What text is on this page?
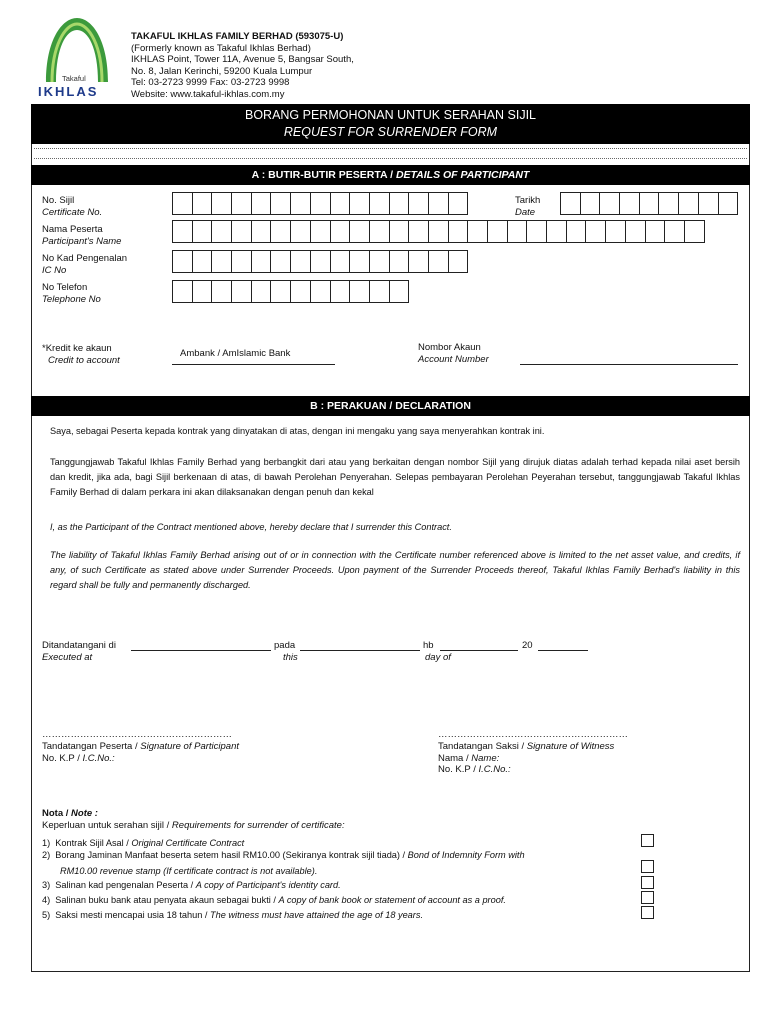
Takaful
IKHLAS
TAKAFUL IKHLAS FAMILY BERHAD (593075-U)
(Formerly known as Takaful Ikhlas Berhad)
IKHLAS Point, Tower 11A, Avenue 5, Bangsar South,
No. 8, Jalan Kerinchi, 59200 Kuala Lumpur
Tel: 03-2723 9999 Fax: 03-2723 9998
Website: www.takaful-ikhlas.com.my
BORANG PERMOHONAN UNTUK SERAHAN SIJIL
REQUEST FOR SURRENDER FORM
A : BUTIR-BUTIR PESERTA / DETAILS OF PARTICIPANT
No. Sijil
Certificate No.
Tarikh
Date
Nama Peserta
Participant's Name
No Kad Pengenalan
IC No
No Telefon
Telephone No
*Kredit ke akaun
Credit to account
Ambank / AmIslamic Bank
Nombor Akaun
Account Number
B : PERAKUAN / DECLARATION
Saya, sebagai Peserta kepada kontrak yang dinyatakan di atas, dengan ini mengaku yang saya menyerahkan kontrak ini.
Tanggungjawab Takaful Ikhlas Family Berhad yang berbangkit dari atau yang berkaitan dengan nombor Sijil yang dirujuk diatas adalah terhad kepada nilai aset bersih dan kredit, jika ada, bagi Sijil berkenaan di atas, di bawah Perolehan Penyerahan. Selepas pembayaran Perolehan Peyerahan tersebut, tanggungjawab Takaful Ikhlas Family Berhad di dalam perkara ini akan dilaksanakan dengan penuh dan kekal
I, as the Participant of the Contract mentioned above, hereby declare that I surrender this Contract.
The liability of Takaful Ikhlas Family Berhad arising out of or in connection with the Certificate number referenced above is limited to the net asset value, and credits, if any, of such Certificate as stated above under Surrender Proceeds. Upon payment of the Surrender Proceeds thereof, Takaful Ikhlas Family Berhad's liability in this regard shall be fully and permanently discharged.
Ditandatangani di
Executed at
pada
this
hb
day of
20
……………………………………………………
Tandatangan Peserta / Signature of Participant
No. K.P / I.C.No.:
……………………………………………………
Tandatangan Saksi / Signature of Witness
Nama / Name:
No. K.P / I.C.No.:
Nota / Note :
Keperluan untuk serahan sijil / Requirements for surrender of certificate:
1) Kontrak Sijil Asal / Original Certificate Contract
2) Borang Jaminan Manfaat beserta setem hasil RM10.00 (Sekiranya kontrak sijil tiada) / Bond of Indemnity Form with
RM10.00 revenue stamp (If certificate contract is not available).
3) Salinan kad pengenalan Peserta / A copy of Participant's identity card.
4) Salinan buku bank atau penyata akaun sebagai bukti / A copy of bank book or statement of account as a proof.
5) Saksi mesti mencapai usia 18 tahun / The witness must have attained the age of 18 years.
